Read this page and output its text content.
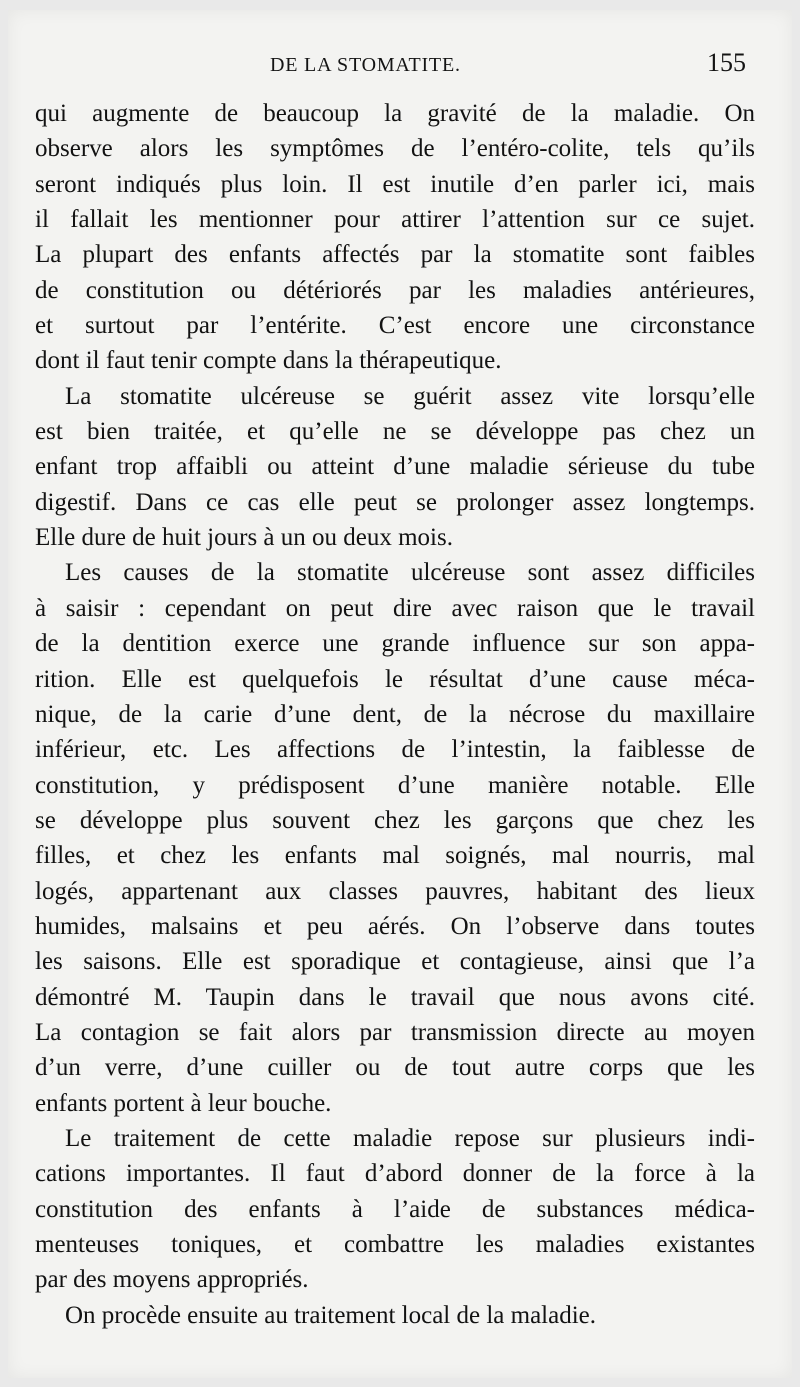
DE LA STOMATITE.	155
qui augmente de beaucoup la gravité de la maladie. On
observe alors les symptômes de l’entéro-colite, tels qu’ils
seront indiqués plus loin. Il est inutile d’en parler ici, mais
il fallait les mentionner pour attirer l’attention sur ce sujet.
La plupart des enfants affectés par la stomatite sont faibles
de constitution ou détériorés par les maladies antérieures,
et surtout par l’entérite. C’est encore une circonstance
dont il faut tenir compte dans la thérapeutique.
La stomatite ulcéreuse se guérit assez vite lorsqu’elle
est bien traitée, et qu’elle ne se développe pas chez un
enfant trop affaibli ou atteint d’une maladie sérieuse du tube
digestif. Dans ce cas elle peut se prolonger assez longtemps.
Elle dure de huit jours à un ou deux mois.
Les causes de la stomatite ulcéreuse sont assez difficiles
à saisir : cependant on peut dire avec raison que le travail
de la dentition exerce une grande influence sur son appa-
rition. Elle est quelquefois le résultat d’une cause méca-
nique, de la carie d’une dent, de la nécrose du maxillaire
inférieur, etc. Les affections de l’intestin, la faiblesse de
constitution, y prédisposent d’une manière notable. Elle
se développe plus souvent chez les garçons que chez les
filles, et chez les enfants mal soignés, mal nourris, mal
logés, appartenant aux classes pauvres, habitant des lieux
humides, malsains et peu aérés. On l’observe dans toutes
les saisons. Elle est sporadique et contagieuse, ainsi que l’a
démontré M. Taupin dans le travail que nous avons cité.
La contagion se fait alors par transmission directe au moyen
d’un verre, d’une cuiller ou de tout autre corps que les
enfants portent à leur bouche.
Le traitement de cette maladie repose sur plusieurs indi-
cations importantes. Il faut d’abord donner de la force à la
constitution des enfants à l’aide de substances médica-
menteuses toniques, et combattre les maladies existantes
par des moyens appropriés.
On procède ensuite au traitement local de la maladie.
